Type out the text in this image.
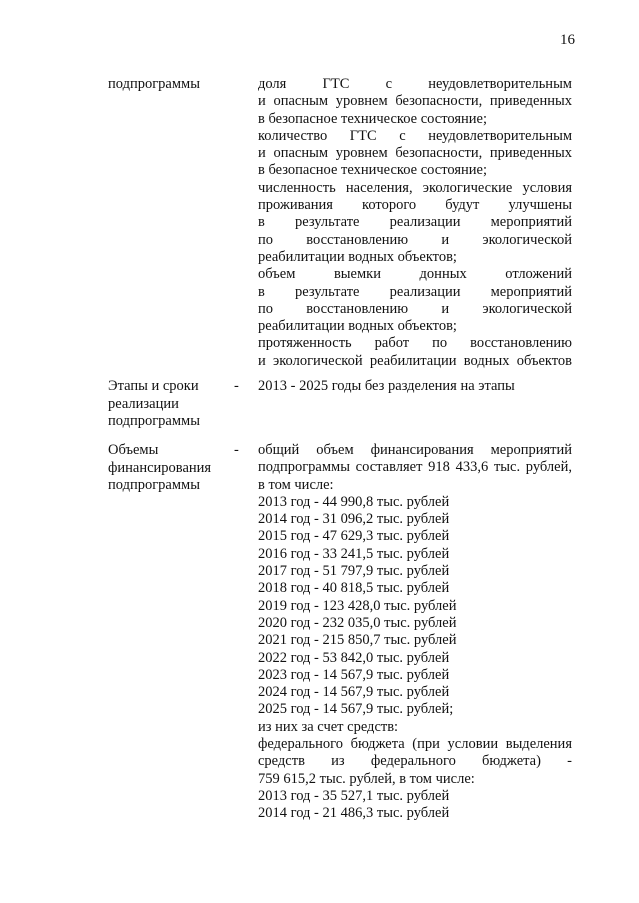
16
подпрограммы	доля ГТС с неудовлетворительным
и опасным уровнем безопасности, приведенных
в безопасное техническое состояние;
количество ГТС с неудовлетворительным
и опасным уровнем безопасности, приведенных
в безопасное техническое состояние;
численность населения, экологические условия
проживания которого будут улучшены
в результате реализации мероприятий
по восстановлению и экологической
реабилитации водных объектов;
объем выемки донных отложений
в результате реализации мероприятий
по восстановлению и экологической
реабилитации водных объектов;
протяженность работ по восстановлению
и экологической реабилитации водных объектов
Этапы и сроки
реализации
подпрограммы
- 2013 - 2025 годы без разделения на этапы
Объемы
финансирования
подпрограммы
- общий объем финансирования мероприятий
подпрограммы составляет 918 433,6 тыс. рублей,
в том числе:
2013 год - 44 990,8 тыс. рублей
2014 год - 31 096,2 тыс. рублей
2015 год - 47 629,3 тыс. рублей
2016 год - 33 241,5 тыс. рублей
2017 год - 51 797,9 тыс. рублей
2018 год - 40 818,5 тыс. рублей
2019 год - 123 428,0 тыс. рублей
2020 год - 232 035,0 тыс. рублей
2021 год - 215 850,7 тыс. рублей
2022 год - 53 842,0 тыс. рублей
2023 год - 14 567,9 тыс. рублей
2024 год - 14 567,9 тыс. рублей
2025 год - 14 567,9 тыс. рублей;
из них за счет средств:
федерального бюджета (при условии выделения
средств из федерального бюджета) -
759 615,2 тыс. рублей, в том числе:
2013 год - 35 527,1 тыс. рублей
2014 год - 21 486,3 тыс. рублей
